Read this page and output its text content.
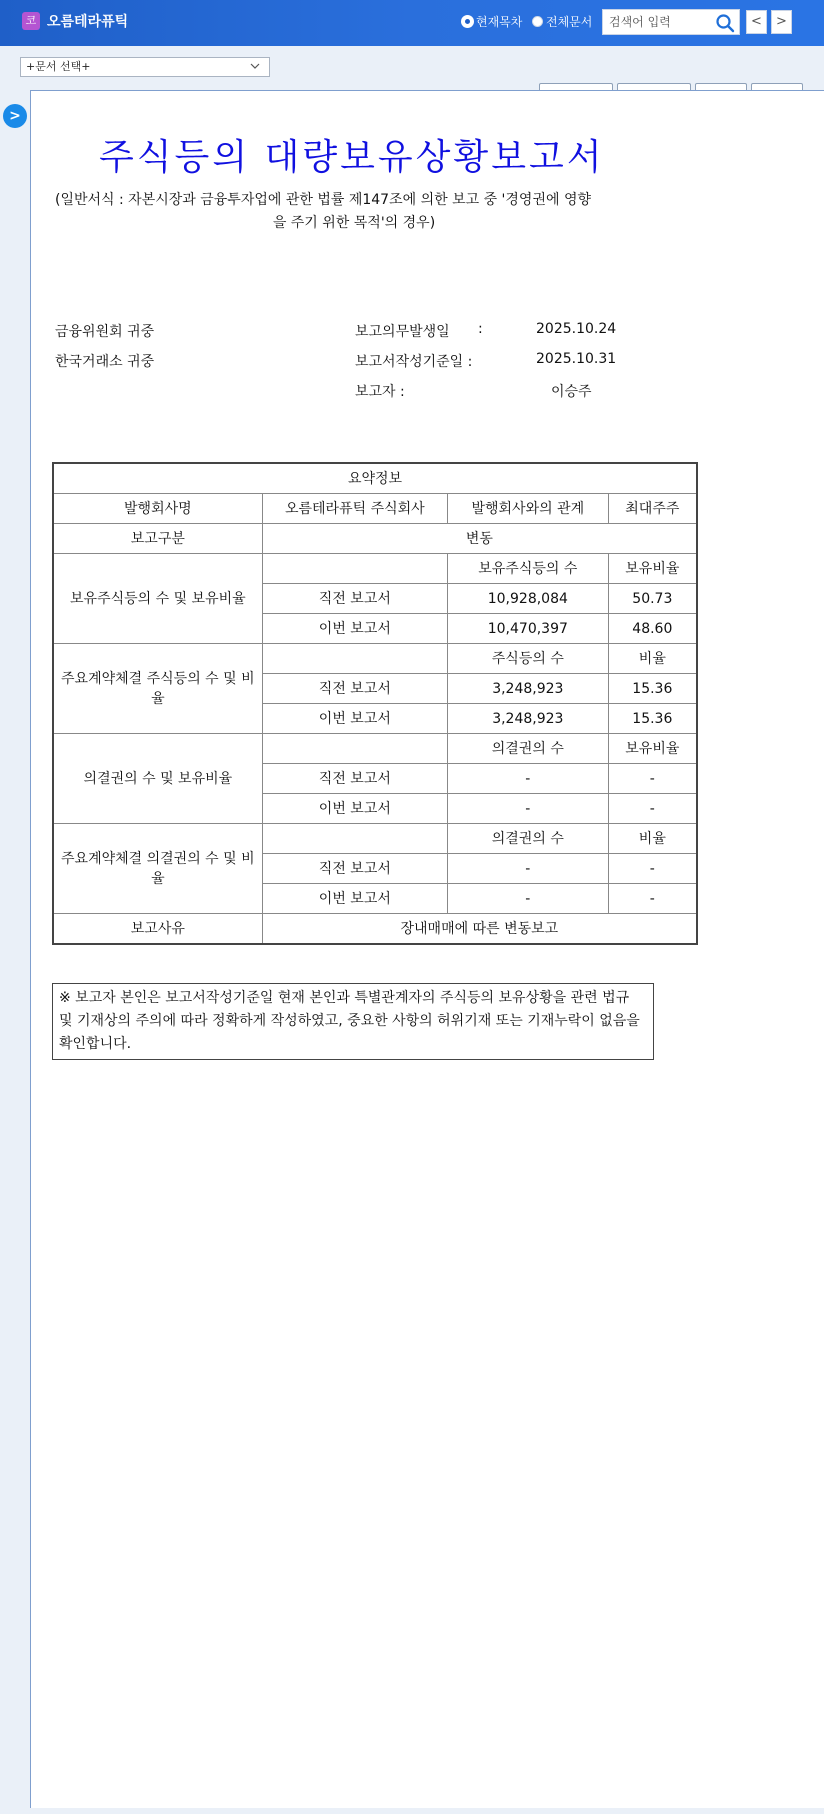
코 오름테라퓨틱	현재목차 전체문서
검색어 입력	<	>
+문서 선택+
>
주식등의 대량보유상황보고서
(일반서식 : 자본시장과 금융투자업에 관한 법률 제147조에 의한 보고 중 '경영권에 영향
을 주기 위한 목적'의 경우)
금융위원회 귀중
한국거래소 귀중
보고의무발생일 :	2025.10.24
보고서작성기준일 :	2025.10.31
보고자 :	이승주
요약정보			
발행회사명	오름테라퓨틱 주식회사	발행회사와의 관계	최대주주
보고구분	변동		
보유주식등의 수 및 보유비율		보유주식등의 수	보유비율
	직전 보고서	10,928,084	50.73
	이번 보고서	10,470,397	48.60
주요계약체결 주식등의 수 및 비율		주식등의 수	비율
	직전 보고서	3,248,923	15.36
	이번 보고서	3,248,923	15.36
의결권의 수 및 보유비율		의결권의 수	보유비율
	직전 보고서	-	-
	이번 보고서	-	-
주요계약체결 의결권의 수 및 비율		의결권의 수	비율
	직전 보고서	-	-
	이번 보고서	-	-
보고사유	장내매매에 따른 변동보고		
※ 보고자 본인은 보고서작성기준일 현재 본인과 특별관계자의 주식등의 보유상황을 관련 법규 및 기재상의 주의에 따라 정확하게 작성하였고, 중요한 사항의 허위기재 또는 기재누락이 없음을 확인합니다.
